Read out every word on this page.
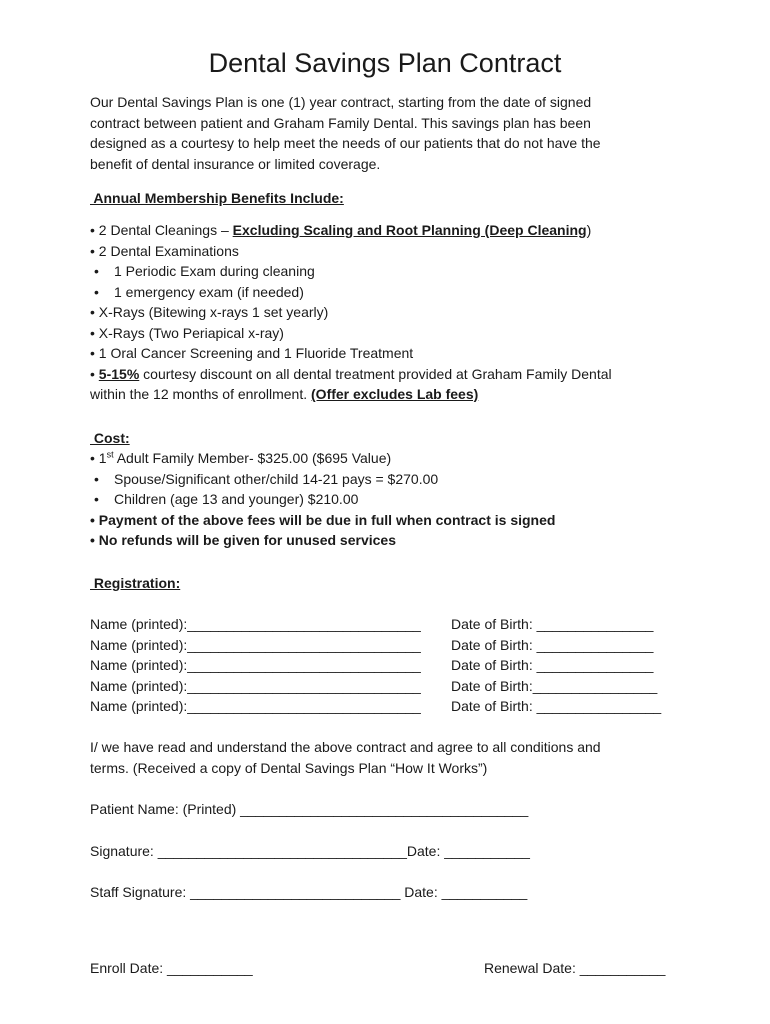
Dental Savings Plan Contract
Our Dental Savings Plan is one (1) year contract, starting from the date of signed
contract between patient and Graham Family Dental. This savings plan has been
designed as a courtesy to help meet the needs of our patients that do not have the
benefit of dental insurance or limited coverage.
Annual Membership Benefits Include:
• 2 Dental Cleanings – Excluding Scaling and Root Planning (Deep Cleaning)
• 2 Dental Examinations
• 1 Periodic Exam during cleaning
• 1 emergency exam (if needed)
• X-Rays (Bitewing x-rays 1 set yearly)
• X-Rays (Two Periapical x-ray)
• 1 Oral Cancer Screening and 1 Fluoride Treatment
• 5-15% courtesy discount on all dental treatment provided at Graham Family Dental
within the 12 months of enrollment. (Offer excludes Lab fees)
Cost:
• 1st Adult Family Member- $325.00 ($695 Value)
• Spouse/Significant other/child 14-21 pays = $270.00
• Children (age 13 and younger) $210.00
• Payment of the above fees will be due in full when contract is signed
• No refunds will be given for unused services
Registration:
Name (printed):______________________________ Date of Birth: _______________
Name (printed):______________________________ Date of Birth: _______________
Name (printed):______________________________ Date of Birth: _______________
Name (printed):______________________________ Date of Birth:________________
Name (printed):______________________________ Date of Birth: ________________
I/ we have read and understand the above contract and agree to all conditions and
terms. (Received a copy of Dental Savings Plan “How It Works”)
Patient Name: (Printed) _____________________________________
Signature: ________________________________Date: ___________
Staff Signature: ___________________________ Date: ___________
Enroll Date: ___________	Renewal Date: ___________
